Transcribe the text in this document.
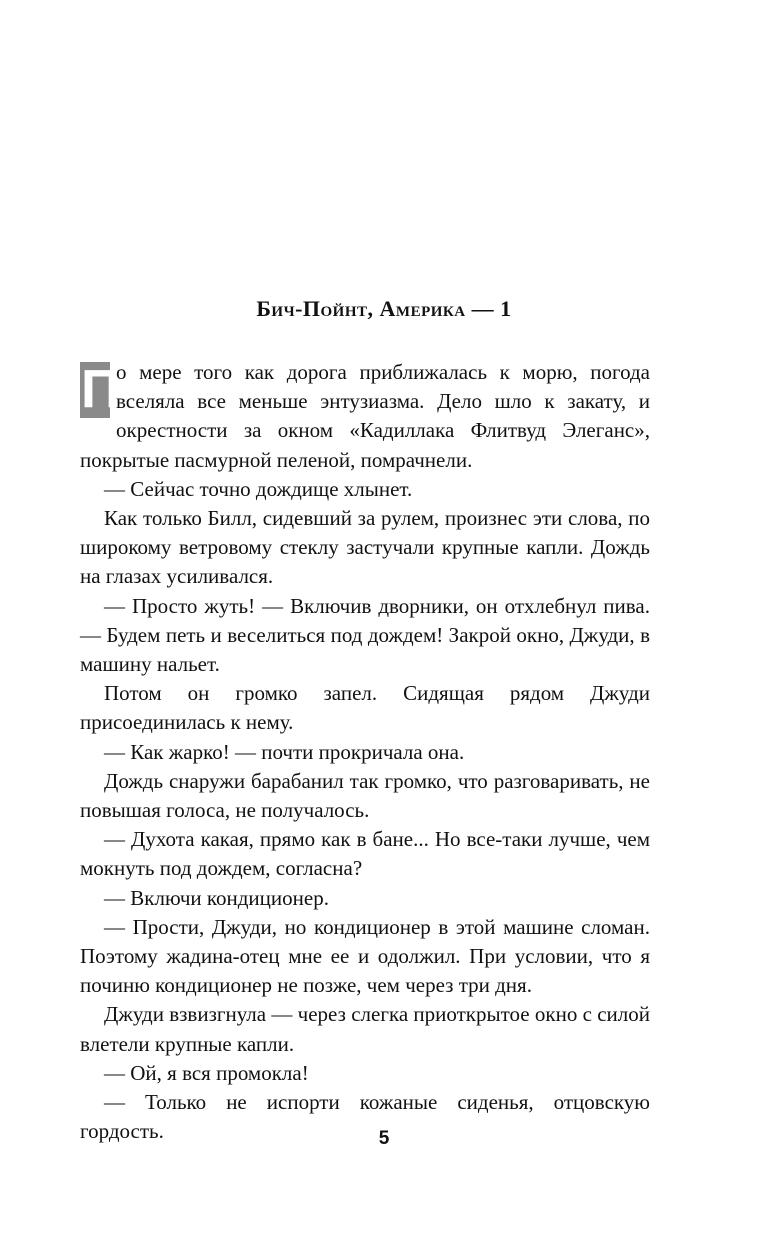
Бич-Пойнт, Америка — 1

П
о мере того как дорога приближалась к морю, погода вселяла все меньше энтузиазма. Дело шло к закату, и окрестности за окном «Кадиллака Флитвуд Элеганс», покрытые пасмурной пеленой, помрачнели.

— Сейчас точно дождище хлынет.

Как только Билл, сидевший за рулем, произнес эти слова, по широкому ветровому стеклу застучали крупные капли. Дождь на глазах усиливался.

— Просто жуть! — Включив дворники, он отхлебнул пива. — Будем петь и веселиться под дождем! Закрой окно, Джуди, в машину нальет.

Потом он громко запел. Сидящая рядом Джуди присоединилась к нему.

— Как жарко! — почти прокричала она.

Дождь снаружи барабанил так громко, что разговаривать, не повышая голоса, не получалось.

— Духота какая, прямо как в бане... Но все-таки лучше, чем мокнуть под дождем, согласна?

— Включи кондиционер.

— Прости, Джуди, но кондиционер в этой машине сломан. Поэтому жадина-отец мне ее и одолжил. При условии, что я починю кондиционер не позже, чем через три дня.

Джуди взвизгнула — через слегка приоткрытое окно с силой влетели крупные капли.

— Ой, я вся промокла!

— Только не испорти кожаные сиденья, отцовскую гордость.	5
